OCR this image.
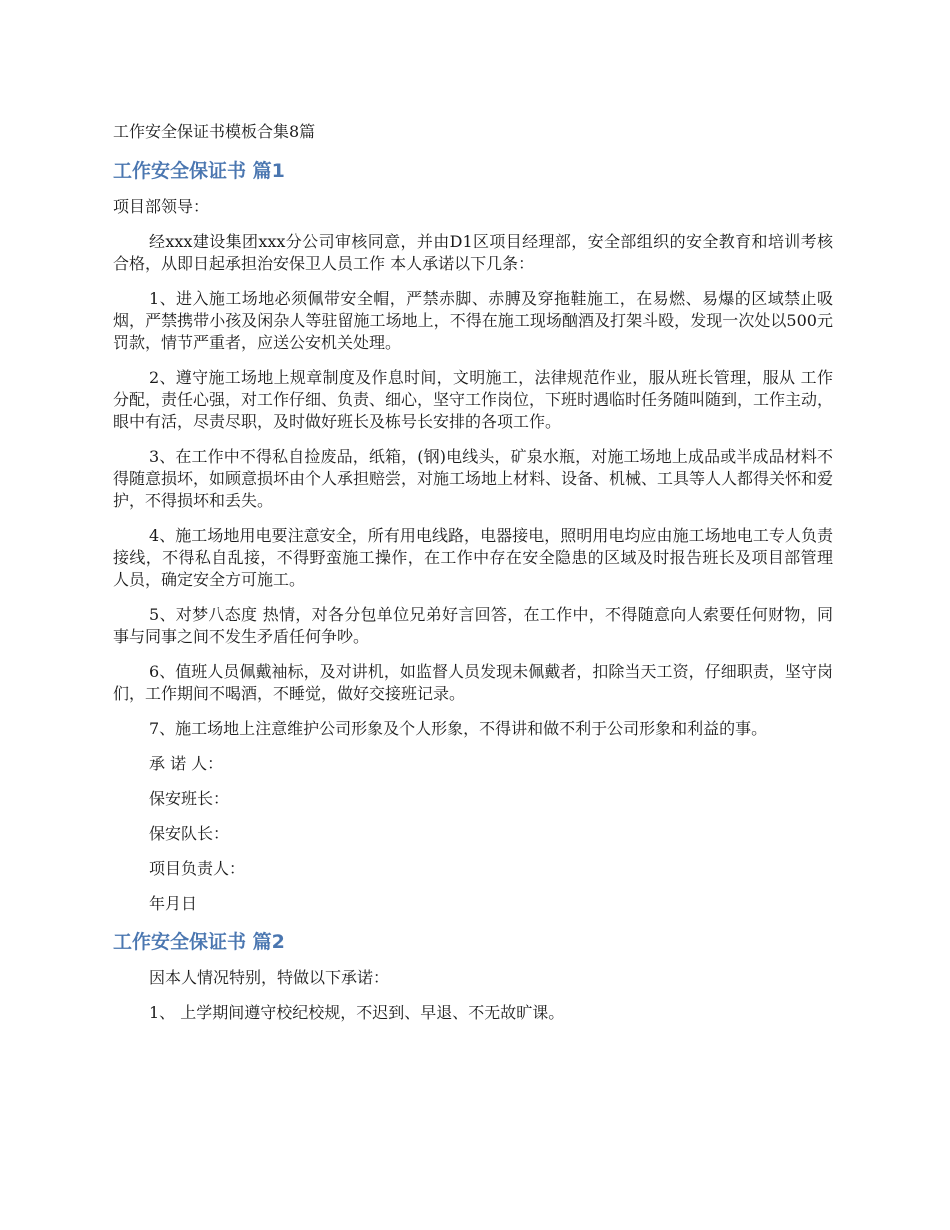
工作安全保证书模板合集8篇
工作安全保证书 篇1
项目部领导：
经xxx建设集团xxx分公司审核同意，并由D1区项目经理部，安全部组织的安全教育和培训考核合格，从即日起承担治安保卫人员工作 本人承诺以下几条：
1、进入施工场地必须佩带安全帽，严禁赤脚、赤膊及穿拖鞋施工，在易燃、易爆的区域禁止吸烟，严禁携带小孩及闲杂人等驻留施工场地上，不得在施工现场酗酒及打架斗殴，发现一次处以500元罚款，情节严重者，应送公安机关处理。
2、遵守施工场地上规章制度及作息时间，文明施工，法律规范作业，服从班长管理，服从 工作分配，责任心强，对工作仔细、负责、细心，坚守工作岗位，下班时遇临时任务随叫随到，工作主动，眼中有活，尽责尽职，及时做好班长及栋号长安排的各项工作。
3、在工作中不得私自捡废品，纸箱，(钢)电线头，矿泉水瓶，对施工场地上成品或半成品材料不得随意损坏，如顾意损坏由个人承担赔尝，对施工场地上材料、设备、机械、工具等人人都得关怀和爱护，不得损坏和丢失。
4、施工场地用电要注意安全，所有用电线路，电器接电，照明用电均应由施工场地电工专人负责接线，不得私自乱接，不得野蛮施工操作，在工作中存在安全隐患的区域及时报告班长及项目部管理 人员，确定安全方可施工。
5、对梦八态度 热情，对各分包单位兄弟好言回答，在工作中，不得随意向人索要任何财物，同事与同事之间不发生矛盾任何争吵。
6、值班人员佩戴袖标，及对讲机，如监督人员发现未佩戴者，扣除当天工资，仔细职责，坚守岗们，工作期间不喝酒，不睡觉，做好交接班记录。
7、施工场地上注意维护公司形象及个人形象，不得讲和做不利于公司形象和利益的事。
承 诺 人：
保安班长：
保安队长：
项目负责人：
年月日
工作安全保证书 篇2
因本人情况特别，特做以下承诺：
1、 上学期间遵守校纪校规，不迟到、早退、不无故旷课。
